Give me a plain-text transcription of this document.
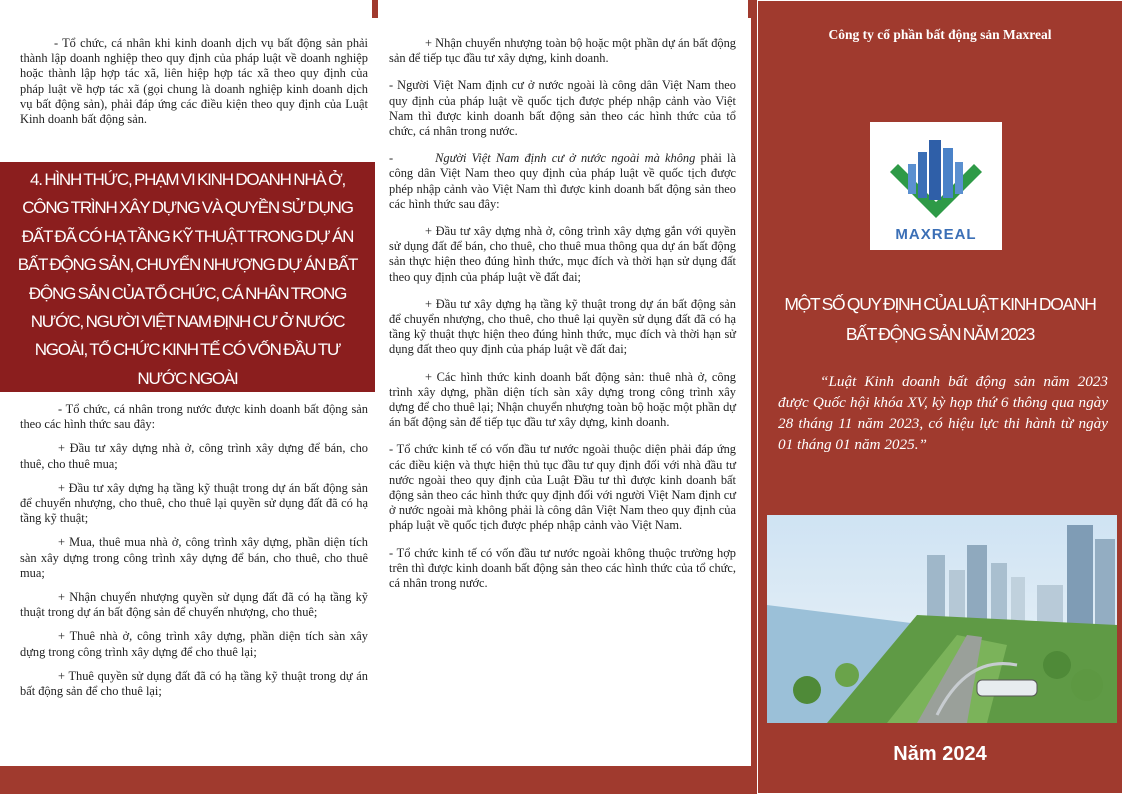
- Tổ chức, cá nhân khi kinh doanh dịch vụ bất động sản phải thành lập doanh nghiệp theo quy định của pháp luật về doanh nghiệp hoặc thành lập hợp tác xã, liên hiệp hợp tác xã theo quy định của pháp luật về hợp tác xã (gọi chung là doanh nghiệp kinh doanh dịch vụ bất động sản), phải đáp ứng các điều kiện theo quy định của Luật Kinh doanh bất động sản.
4. HÌNH THỨC, PHẠM VI KINH DOANH NHÀ Ở, CÔNG TRÌNH XÂY DỰNG VÀ QUYỀN SỬ DỤNG ĐẤT ĐÃ CÓ HẠ TẦNG KỸ THUẬT TRONG DỰ ÁN BẤT ĐỘNG SẢN, CHUYỂN NHƯỢNG DỰ ÁN BẤT ĐỘNG SẢN CỦA TỔ CHỨC, CÁ NHÂN TRONG NƯỚC, NGƯỜI VIỆT NAM ĐỊNH CƯ Ở NƯỚC NGOÀI, TỔ CHỨC KINH TẾ CÓ VỐN ĐẦU TƯ NƯỚC NGOÀI

- Tổ chức, cá nhân trong nước được kinh doanh bất động sản theo các hình thức sau đây:

+ Đầu tư xây dựng nhà ở, công trình xây dựng để bán, cho thuê, cho thuê mua;

+ Đầu tư xây dựng hạ tầng kỹ thuật trong dự án bất động sản để chuyển nhượng, cho thuê, cho thuê lại quyền sử dụng đất đã có hạ tầng kỹ thuật;

+ Mua, thuê mua nhà ở, công trình xây dựng, phần diện tích sàn xây dựng trong công trình xây dựng để bán, cho thuê, cho thuê mua;

+ Nhận chuyển nhượng quyền sử dụng đất đã có hạ tầng kỹ thuật trong dự án bất động sản để chuyển nhượng, cho thuê;

+ Thuê nhà ở, công trình xây dựng, phần diện tích sàn xây dựng trong công trình xây dựng để cho thuê lại;

+ Thuê quyền sử dụng đất đã có hạ tầng kỹ thuật trong dự án bất động sản để cho thuê lại;

+ Nhận chuyển nhượng toàn bộ hoặc một phần dự án bất động sản để tiếp tục đầu tư xây dựng, kinh doanh.

- Người Việt Nam định cư ở nước ngoài là công dân Việt Nam theo quy định của pháp luật về quốc tịch được phép nhập cảnh vào Việt Nam thì được kinh doanh bất động sản theo các hình thức của tổ chức, cá nhân trong nước.

-	Người Việt Nam định cư ở nước ngoài mà không phải là công dân Việt Nam theo quy định của pháp luật về quốc tịch được phép nhập cảnh vào Việt Nam thì được kinh doanh bất động sản theo các hình thức sau đây:

+ Đầu tư xây dựng nhà ở, công trình xây dựng gắn với quyền sử dụng đất để bán, cho thuê, cho thuê mua thông qua dự án bất động sản thực hiện theo đúng hình thức, mục đích và thời hạn sử dụng đất theo quy định của pháp luật về đất đai;

+ Đầu tư xây dựng hạ tầng kỹ thuật trong dự án bất động sản để chuyển nhượng, cho thuê, cho thuê lại quyền sử dụng đất đã có hạ tầng kỹ thuật thực hiện theo đúng hình thức, mục đích và thời hạn sử dụng đất theo quy định của pháp luật về đất đai;

+ Các hình thức kinh doanh bất động sản: thuê nhà ở, công trình xây dựng, phần diện tích sàn xây dựng trong công trình xây dựng để cho thuê lại; Nhận chuyển nhượng toàn bộ hoặc một phần dự án bất động sản để tiếp tục đầu tư xây dựng, kinh doanh.

- Tổ chức kinh tế có vốn đầu tư nước ngoài thuộc diện phải đáp ứng các điều kiện và thực hiện thủ tục đầu tư quy định đối với nhà đầu tư nước ngoài theo quy định của Luật Đầu tư thì được kinh doanh bất động sản theo các hình thức quy định đối với người Việt Nam định cư ở nước ngoài mà không phải là công dân Việt Nam theo quy định của pháp luật về quốc tịch được phép nhập cảnh vào Việt Nam.

- Tổ chức kinh tế có vốn đầu tư nước ngoài không thuộc trường hợp trên thì được kinh doanh bất động sản theo các hình thức của tổ chức, cá nhân trong nước.

Công ty cổ phần bất động sản Maxreal
MAXREAL
MỘT SỐ QUY ĐỊNH CỦA LUẬT KINH DOANH
BẤT ĐỘNG SẢN NĂM 2023
“Luật Kinh doanh bất động sản năm 2023 được Quốc hội khóa XV, kỳ họp thứ 6 thông qua ngày 28 tháng 11 năm 2023, có hiệu lực thi hành từ ngày 01 tháng 01 năm 2025.”
Năm 2024
